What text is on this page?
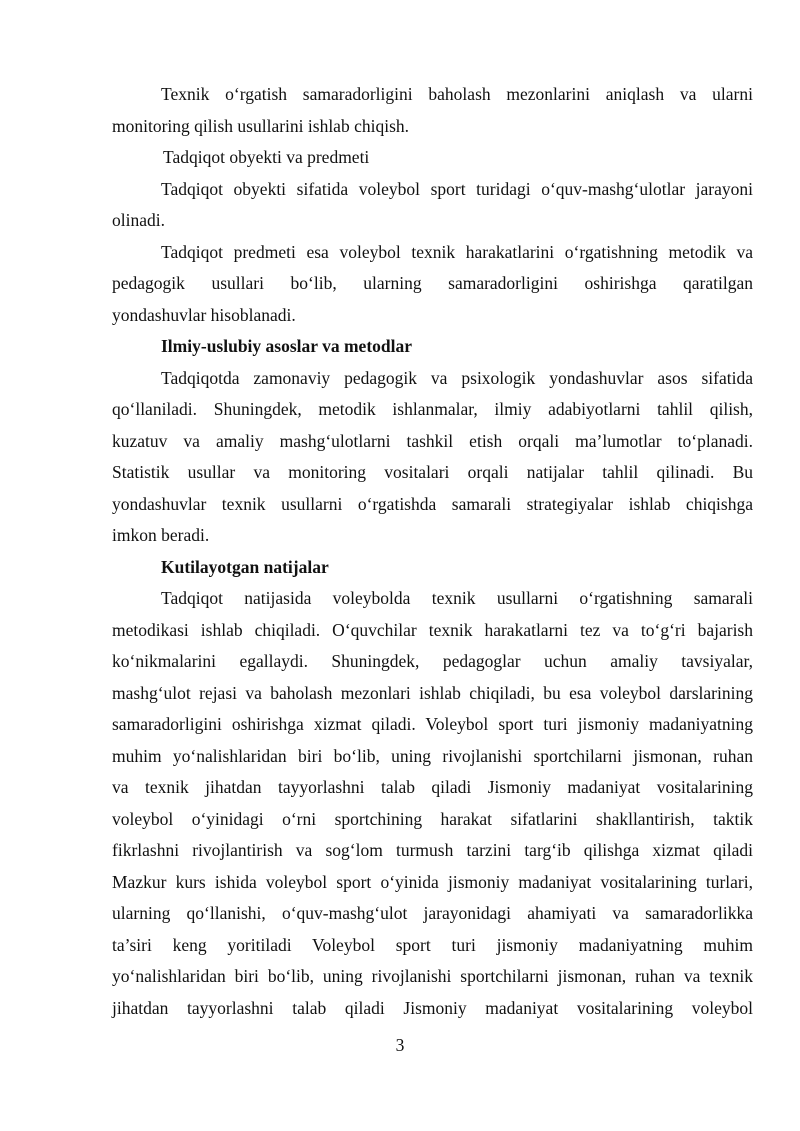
Texnik o‘rgatish samaradorligini baholash mezonlarini aniqlash va ularni
monitoring qilish usullarini ishlab chiqish.
Tadqiqot obyekti va predmeti
Tadqiqot obyekti sifatida voleybol sport turidagi o‘quv-mashg‘ulotlar jarayoni
olinadi.
Tadqiqot predmeti esa voleybol texnik harakatlarini o‘rgatishning metodik va
pedagogik usullari bo‘lib, ularning samaradorligini oshirishga qaratilgan
yondashuvlar hisoblanadi.
Ilmiy-uslubiy asoslar va metodlar
Tadqiqotda zamonaviy pedagogik va psixologik yondashuvlar asos sifatida
qo‘llaniladi. Shuningdek, metodik ishlanmalar, ilmiy adabiyotlarni tahlil qilish,
kuzatuv va amaliy mashg‘ulotlarni tashkil etish orqali ma’lumotlar to‘planadi.
Statistik usullar va monitoring vositalari orqali natijalar tahlil qilinadi. Bu
yondashuvlar texnik usullarni o‘rgatishda samarali strategiyalar ishlab chiqishga
imkon beradi.
Kutilayotgan natijalar
Tadqiqot natijasida voleybolda texnik usullarni o‘rgatishning samarali
metodikasi ishlab chiqiladi. O‘quvchilar texnik harakatlarni tez va to‘g‘ri bajarish
ko‘nikmalarini egallaydi. Shuningdek, pedagoglar uchun amaliy tavsiyalar,
mashg‘ulot rejasi va baholash mezonlari ishlab chiqiladi, bu esa voleybol darslarining
samaradorligini oshirishga xizmat qiladi. Voleybol sport turi jismoniy madaniyatning
muhim yo‘nalishlaridan biri bo‘lib, uning rivojlanishi sportchilarni jismonan, ruhan
va texnik jihatdan tayyorlashni talab qiladi Jismoniy madaniyat vositalarining
voleybol o‘yinidagi o‘rni sportchining harakat sifatlarini shakllantirish, taktik
fikrlashni rivojlantirish va sog‘lom turmush tarzini targ‘ib qilishga xizmat qiladi
Mazkur kurs ishida voleybol sport o‘yinida jismoniy madaniyat vositalarining turlari,
ularning qo‘llanishi, o‘quv-mashg‘ulot jarayonidagi ahamiyati va samaradorlikka
ta’siri keng yoritiladi Voleybol sport turi jismoniy madaniyatning muhim
yo‘nalishlaridan biri bo‘lib, uning rivojlanishi sportchilarni jismonan, ruhan va texnik
jihatdan tayyorlashni talab qiladi Jismoniy madaniyat vositalarining voleybol
3
